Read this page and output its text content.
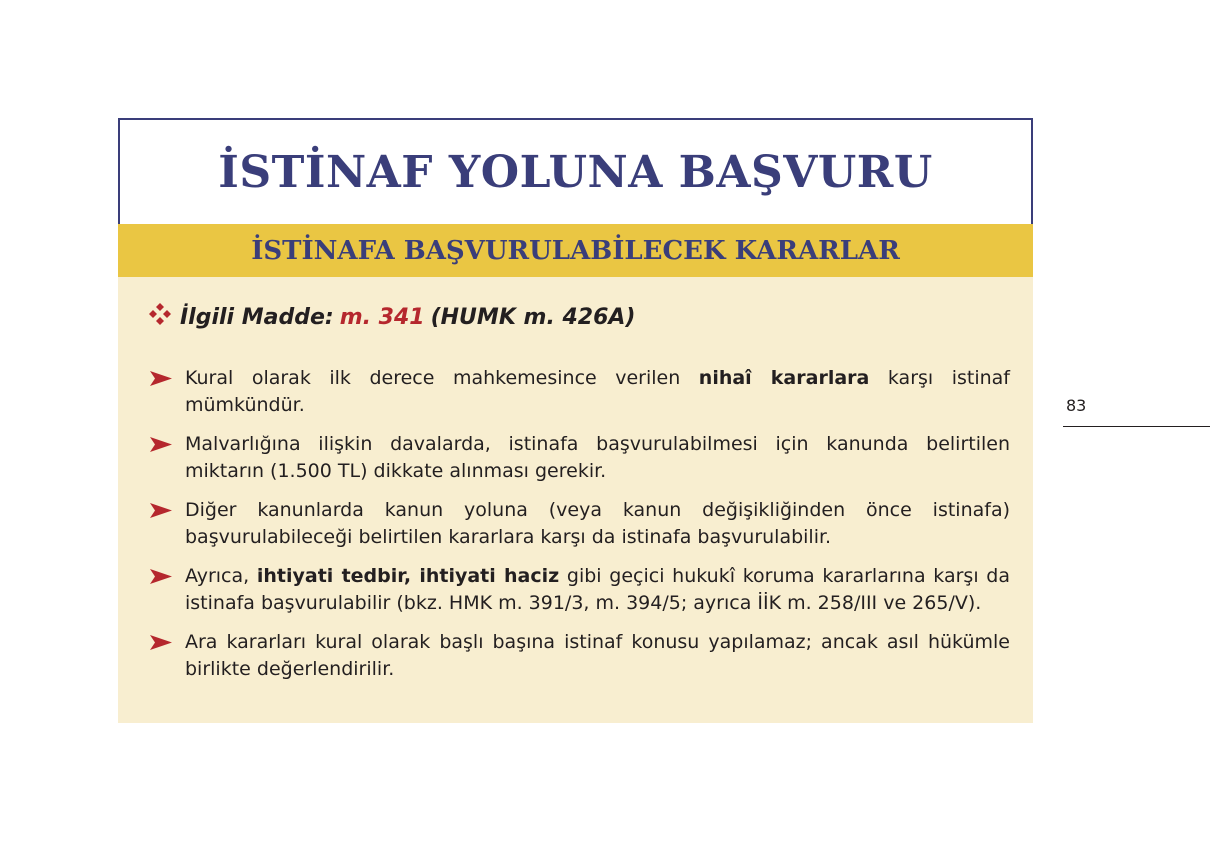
İSTİNAF YOLUNA BAŞVURU
İSTİNAFA BAŞVURULABİLECEK KARARLAR
İlgili Madde: m. 341 (HUMK m. 426A)
Kural olarak ilk derece mahkemesince verilen nihaî kararlara karşı istinaf mümkündür.
Malvarlığına ilişkin davalarda, istinafa başvurulabilmesi için kanunda belirtilen miktarın (1.500 TL) dikkate alınması gerekir.
Diğer kanunlarda kanun yoluna (veya kanun değişikliğinden önce istinafa) başvurulabileceği belirtilen kararlara karşı da istinafa başvurulabilir.
Ayrıca, ihtiyati tedbir, ihtiyati haciz gibi geçici hukukî koruma kararlarına karşı da istinafa başvurulabilir (bkz. HMK m. 391/3, m. 394/5; ayrıca İİK m. 258/III ve 265/V).
Ara kararları kural olarak başlı başına istinaf konusu yapılamaz; ancak asıl hükümle birlikte değerlendirilir.
83
